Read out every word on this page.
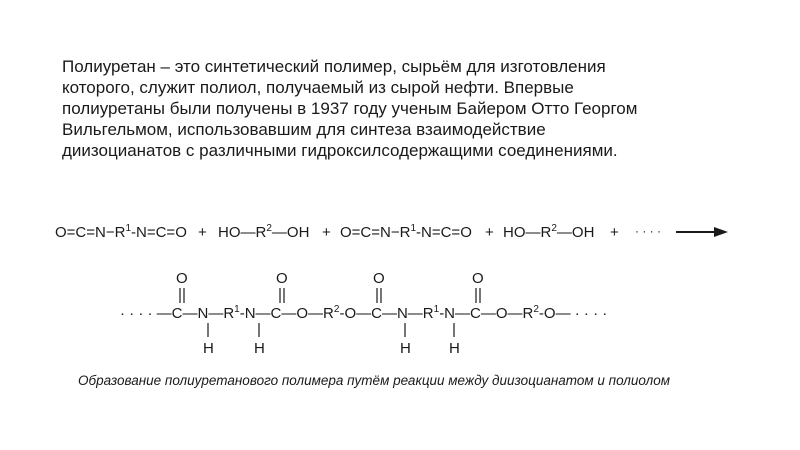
Полиуретан – это синтетический полимер, сырьём для изготовления
которого, служит полиол, получаемый из сырой нефти. Впервые
полиуретаны были получены в 1937 году ученым Байером Отто Георгом
Вильгельмом, использовавшим для синтеза взаимодействие
диизоцианатов с различными гидроксилсодержащими соединениями.
$O=C=N-R^1-N=C=O$ + $HO—R^2—OH + O=C=N-R^1-N=C=O$ + $HO—R^2—OH$ + · · · ·
O	O	O	O
· · · · $—C—N—R^1-N—C—O—R^2-O—C—N—R^1-N—C—O—R^2-O—$ · · · ·
H	H	H	H

Образование полиуретанового полимера путём реакции между диизоцианатом и полиолом
